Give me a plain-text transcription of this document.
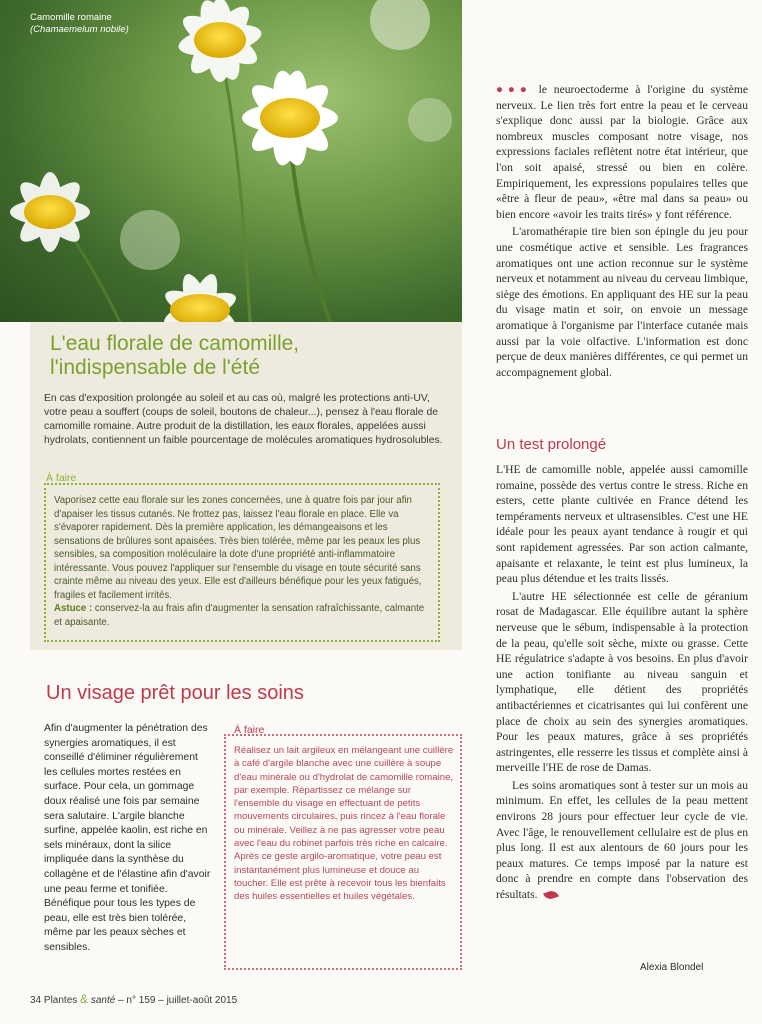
Camomille romaine
(Chamaemelum nobile)
L'eau florale de camomille,
l'indispensable de l'été
En cas d'exposition prolongée au soleil et au cas où, malgré les protections anti-UV, votre peau a souffert (coups de soleil, boutons de chaleur...), pensez à l'eau florale de camomille romaine. Autre produit de la distillation, les eaux florales, appelées aussi hydrolats, contiennent un faible pourcentage de molécules aromatiques hydrosolubles.
À faire
Vaporisez cette eau florale sur les zones concernées, une à quatre fois par jour afin d'apaiser les tissus cutanés. Ne frottez pas, laissez l'eau florale en place. Elle va s'évaporer rapidement. Dès la première application, les démangeaisons et les sensations de brûlures sont apaisées. Très bien tolérée, même par les peaux les plus sensibles, sa composition moléculaire la dote d'une propriété anti-inflammatoire intéressante. Vous pouvez l'appliquer sur l'ensemble du visage en toute sécurité sans crainte même au niveau des yeux. Elle est d'ailleurs bénéfique pour les yeux fatigués, fragiles et facilement irrités.
Astuce : conservez-la au frais afin d'augmenter la sensation rafraîchissante, calmante et apaisante.
Un visage prêt pour les soins
Afin d'augmenter la pénétration des synergies aromatiques, il est conseillé d'éliminer régulièrement les cellules mortes restées en surface. Pour cela, un gommage doux réalisé une fois par semaine sera salutaire. L'argile blanche surfine, appelée kaolin, est riche en sels minéraux, dont la silice impliquée dans la synthèse du collagène et de l'élastine afin d'avoir une peau ferme et tonifiée. Bénéfique pour tous les types de peau, elle est très bien tolérée, même par les peaux sèches et sensibles.
À faire
Réalisez un lait argileux en mélangeant une cuillère à café d'argile blanche avec une cuillère à soupe d'eau minérale ou d'hydrolat de camomille romaine, par exemple. Répartissez ce mélange sur l'ensemble du visage en effectuant de petits mouvements circulaires, puis rincez à l'eau florale ou minérale. Veillez à ne pas agresser votre peau avec l'eau du robinet parfois très riche en calcaire. Après ce geste argilo-aromatique, votre peau est instantanément plus lumineuse et douce au toucher. Elle est prête à recevoir tous les bienfaits des huiles essentielles et huiles végétales.

●●● le neuroectoderme à l'origine du système nerveux. Le lien très fort entre la peau et le cerveau s'explique donc aussi par la biologie. Grâce aux nombreux muscles composant notre visage, nos expressions faciales reflètent notre état intérieur, que l'on soit apaisé, stressé ou bien en colère. Empiriquement, les expressions populaires telles que «être à fleur de peau», «être mal dans sa peau» ou bien encore «avoir les traits tirés» y font référence.

L'aromathérapie tire bien son épingle du jeu pour une cosmétique active et sensible. Les fragrances aromatiques ont une action reconnue sur le système nerveux et notamment au niveau du cerveau limbique, siège des émotions. En appliquant des HE sur la peau du visage matin et soir, on envoie un message aromatique à l'organisme par l'interface cutanée mais aussi par la voie olfactive. L'information est donc perçue de deux manières différentes, ce qui permet un accompagnement global.

Un test prolongé

L'HE de camomille noble, appelée aussi camomille romaine, possède des vertus contre le stress. Riche en esters, cette plante cultivée en France détend les tempéraments nerveux et ultrasensibles. C'est une HE idéale pour les peaux ayant tendance à rougir et qui sont rapidement agressées. Par son action calmante, apaisante et relaxante, le teint est plus lumineux, la peau plus détendue et les traits lissés.

L'autre HE sélectionnée est celle de géranium rosat de Madagascar. Elle équilibre autant la sphère nerveuse que le sébum, indispensable à la protection de la peau, qu'elle soit sèche, mixte ou grasse. Cette HE régulatrice s'adapte à vos besoins. En plus d'avoir une action tonifiante au niveau sanguin et lymphatique, elle détient des propriétés antibactériennes et cicatrisantes qui lui confèrent une place de choix au sein des synergies aromatiques. Pour les peaux matures, grâce à ses propriétés astringentes, elle resserre les tissus et complète ainsi à merveille l'HE de rose de Damas.

Les soins aromatiques sont à tester sur un mois au minimum. En effet, les cellules de la peau mettent environs 28 jours pour effectuer leur cycle de vie. Avec l'âge, le renouvellement cellulaire est de plus en plus long. Il est aux alentours de 60 jours pour les peaux matures. Ce temps imposé par la nature est donc à prendre en compte dans l'observation des résultats.

Alexia Blondel
34 Plantes & santé – n° 159 – juillet-août 2015
